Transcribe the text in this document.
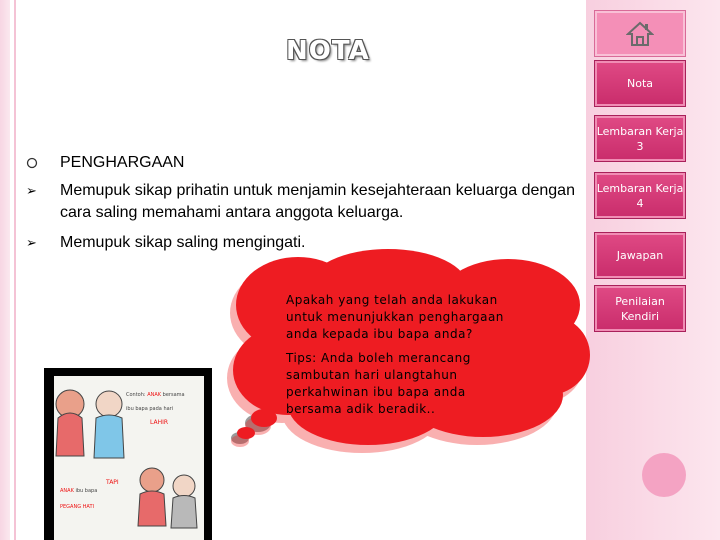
NOTA
Nota
Lembaran Kerja 3
Lembaran Kerja 4
Jawapan
Penilaian Kendiri
PENGHARGAAN
➢ Memupuk sikap prihatin untuk menjamin kesejahteraan keluarga dengan cara saling memahami antara anggota keluarga.
➢ Memupuk sikap saling mengingati.
Contoh: ANAK bersama
ibu bapa pada hari
LAHIR
TAPI
ANAK ibu bapa
PEGANG HATI
Apakah yang telah anda lakukan untuk menunjukkan penghargaan anda kepada ibu bapa anda?
Tips: Anda boleh merancang sambutan hari ulangtahun perkahwinan ibu bapa anda bersama adik beradik..
